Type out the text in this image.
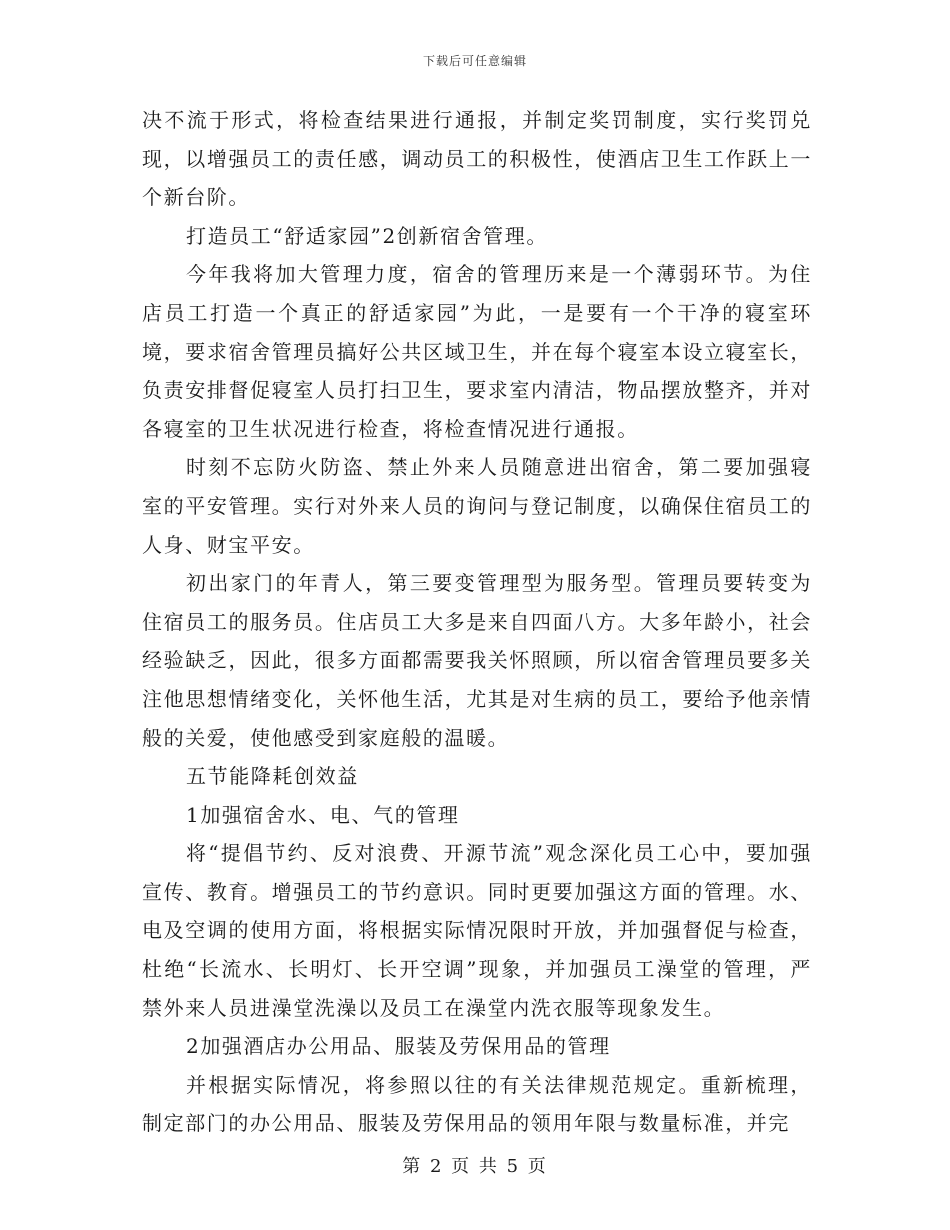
下载后可任意编辑

决不流于形式，将检查结果进行通报，并制定奖罚制度，实行奖罚兑现，以增强员工的责任感，调动员工的积极性，使酒店卫生工作跃上一个新台阶。

打造员工“舒适家园”2创新宿舍管理。

今年我将加大管理力度，宿舍的管理历来是一个薄弱环节。为住店员工打造一个真正的舒适家园”为此，一是要有一个干净的寝室环境，要求宿舍管理员搞好公共区域卫生，并在每个寝室本设立寝室长，负责安排督促寝室人员打扫卫生，要求室内清洁，物品摆放整齐，并对各寝室的卫生状况进行检查，将检查情况进行通报。

时刻不忘防火防盗、禁止外来人员随意进出宿舍，第二要加强寝室的平安管理。实行对外来人员的询问与登记制度，以确保住宿员工的人身、财宝平安。

初出家门的年青人，第三要变管理型为服务型。管理员要转变为住宿员工的服务员。住店员工大多是来自四面八方。大多年龄小，社会经验缺乏，因此，很多方面都需要我关怀照顾，所以宿舍管理员要多关注他思想情绪变化，关怀他生活，尤其是对生病的员工，要给予他亲情般的关爱，使他感受到家庭般的温暖。

五节能降耗创效益

1加强宿舍水、电、气的管理

将“提倡节约、反对浪费、开源节流”观念深化员工心中，要加强宣传、教育。增强员工的节约意识。同时更要加强这方面的管理。水、电及空调的使用方面，将根据实际情况限时开放，并加强督促与检查，杜绝“长流水、长明灯、长开空调”现象，并加强员工澡堂的管理，严禁外来人员进澡堂洗澡以及员工在澡堂内洗衣服等现象发生。

2加强酒店办公用品、服装及劳保用品的管理

并根据实际情况，将参照以往的有关法律规范规定。重新梳理，制定部门的办公用品、服装及劳保用品的领用年限与数量标准，并完

第 2 页 共 5 页
